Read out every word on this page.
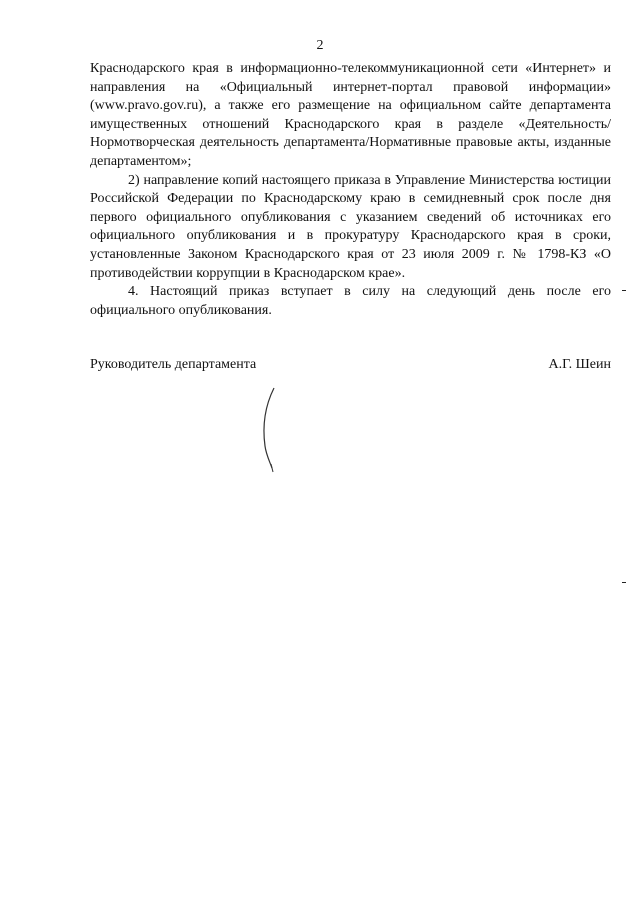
2

Краснодарского края в информационно-телекоммуникационной сети «Интернет» и направления на «Официальный интернет-портал правовой информации» (www.pravo.gov.ru), а также его размещение на официальном сайте департамента имущественных отношений Краснодарского края в разделе «Деятельность/Нормотворческая деятельность департамента/Нормативные правовые акты, изданные департаментом»;

2) направление копий настоящего приказа в Управление Министерства юстиции Российской Федерации по Краснодарскому краю в семидневный срок после дня первого официального опубликования с указанием сведений об источниках его официального опубликования и в прокуратуру Краснодарского края в сроки, установленные Законом Краснодарского края от 23 июля 2009 г. № 1798-КЗ «О противодействии коррупции в Краснодарском крае».

4. Настоящий приказ вступает в силу на следующий день после его официального опубликования.

Руководитель департамента	А.Г. Шеин
